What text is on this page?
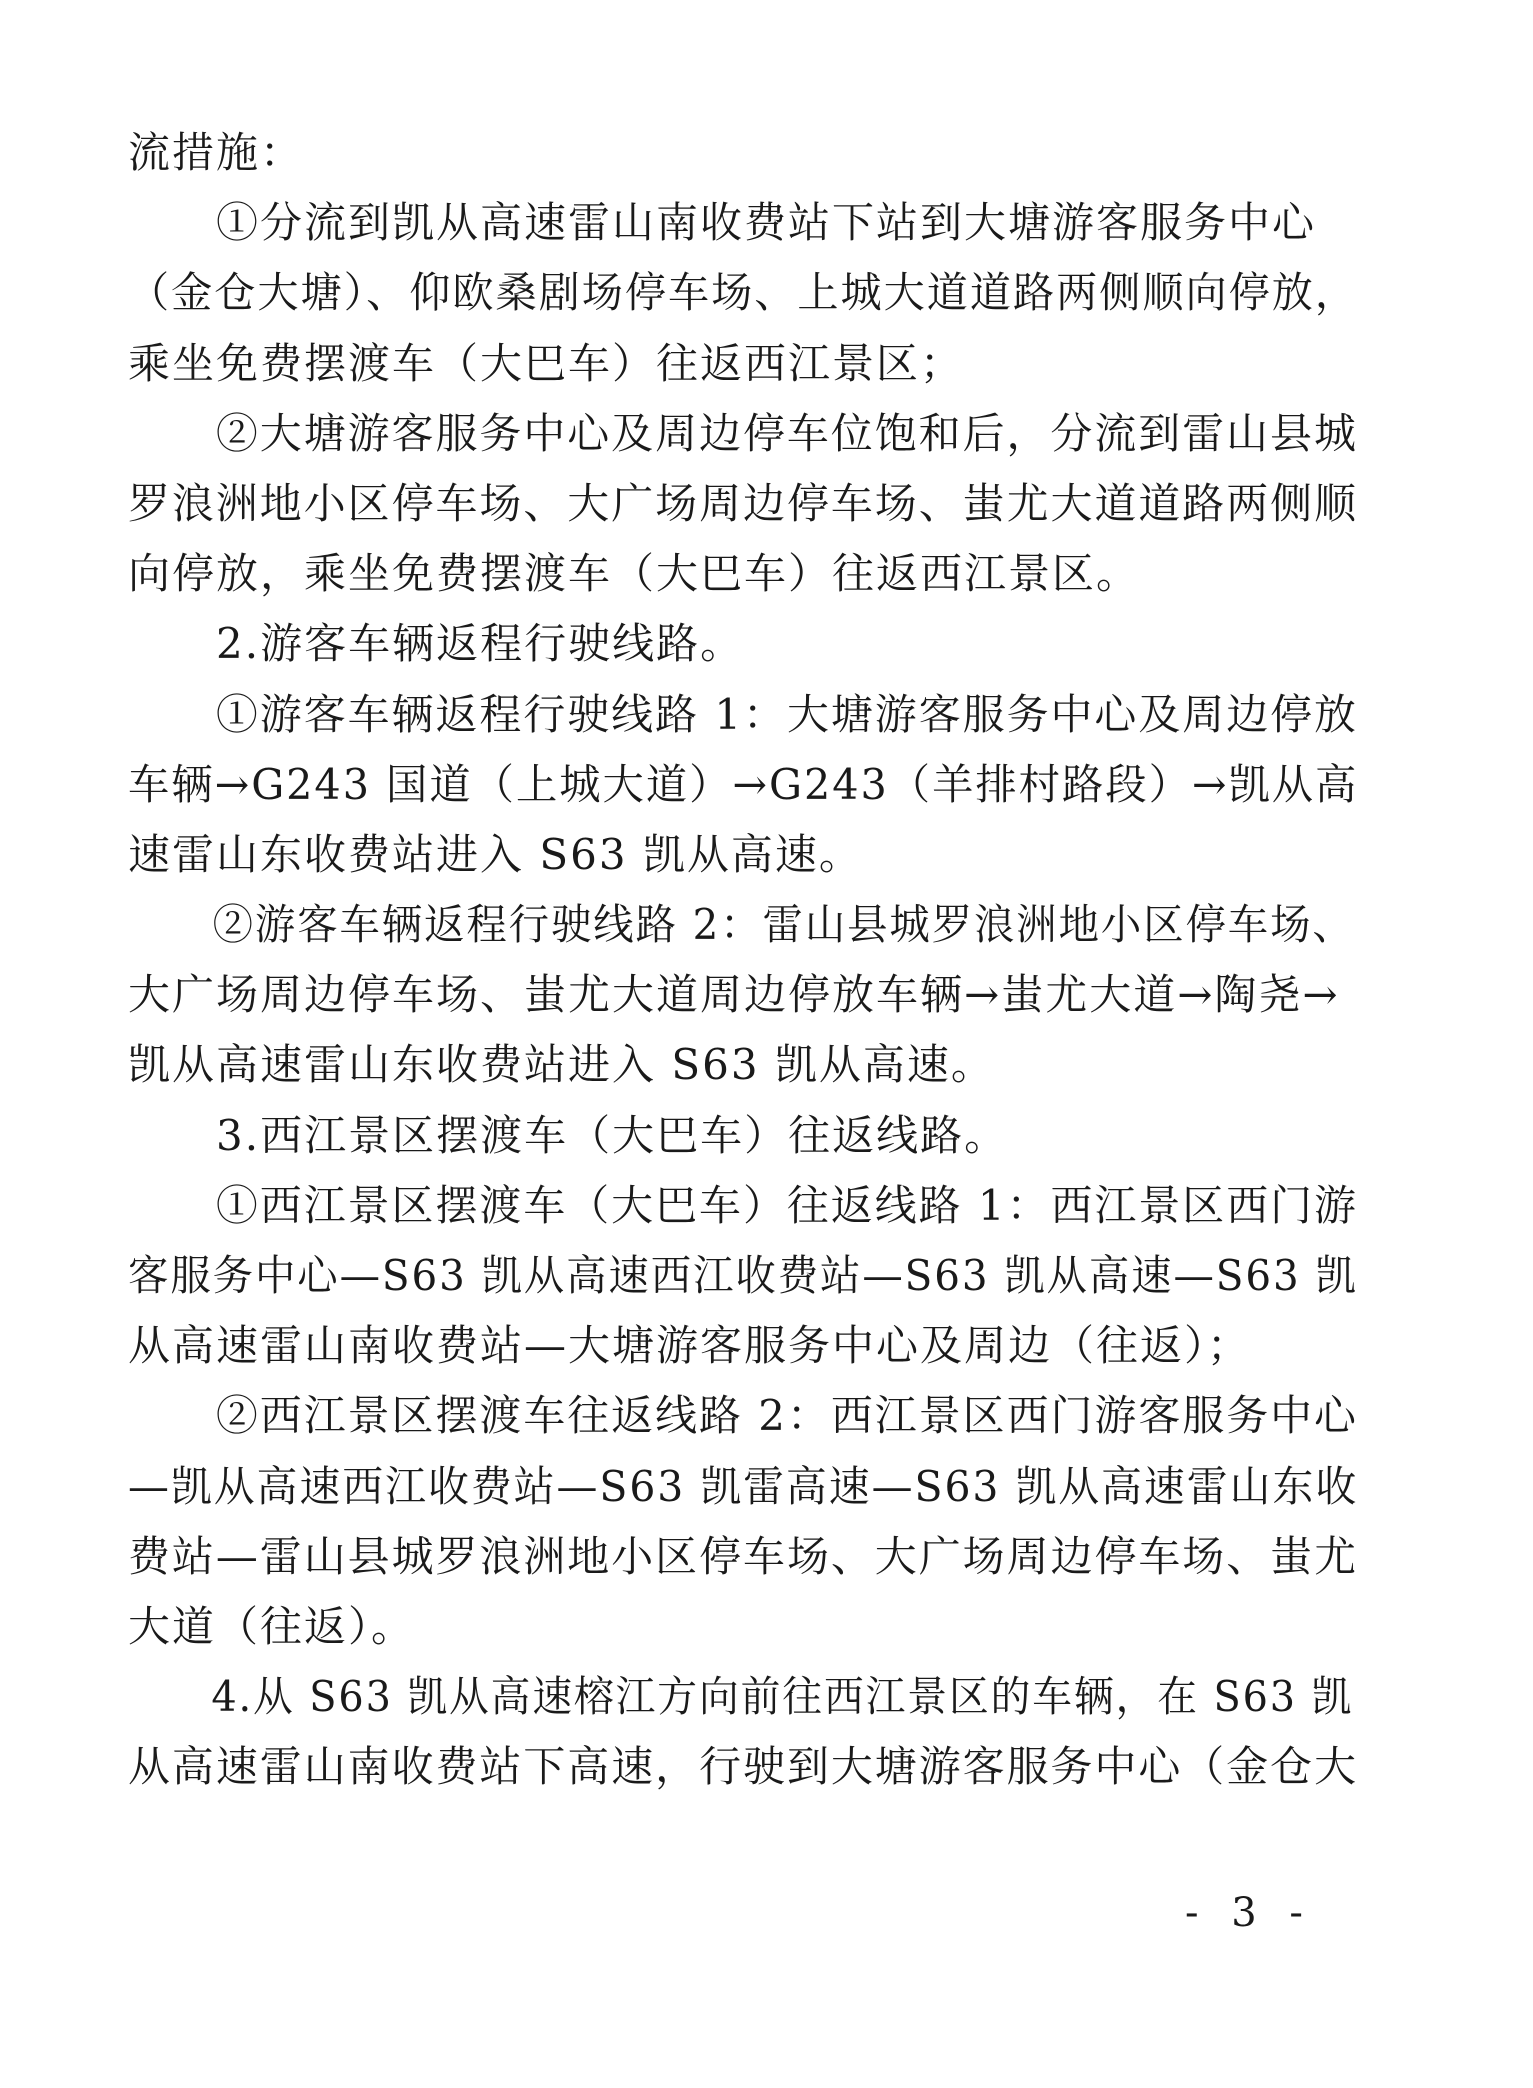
流措施：
①分流到凯从高速雷山南收费站下站到大塘游客服务中心
（金仓大塘）、仰欧桑剧场停车场、上城大道道路两侧顺向停放，
乘坐免费摆渡车（大巴车）往返西江景区；
②大塘游客服务中心及周边停车位饱和后，分流到雷山县城
罗浪洲地小区停车场、大广场周边停车场、蚩尤大道道路两侧顺
向停放，乘坐免费摆渡车（大巴车）往返西江景区。
2.游客车辆返程行驶线路。
①游客车辆返程行驶线路 1：大塘游客服务中心及周边停放
车辆→G243 国道（上城大道）→G243（羊排村路段）→凯从高
速雷山东收费站进入 S63 凯从高速。
②游客车辆返程行驶线路 2：雷山县城罗浪洲地小区停车场、
大广场周边停车场、蚩尤大道周边停放车辆→蚩尤大道→陶尧→
凯从高速雷山东收费站进入 S63 凯从高速。
3.西江景区摆渡车（大巴车）往返线路。
①西江景区摆渡车（大巴车）往返线路 1：西江景区西门游
客服务中心—S63 凯从高速西江收费站—S63 凯从高速—S63 凯
从高速雷山南收费站—大塘游客服务中心及周边（往返）；
②西江景区摆渡车往返线路 2：西江景区西门游客服务中心
—凯从高速西江收费站—S63 凯雷高速—S63 凯从高速雷山东收
费站—雷山县城罗浪洲地小区停车场、大广场周边停车场、蚩尤
大道（往返）。
4.从 S63 凯从高速榕江方向前往西江景区的车辆，在 S63 凯
从高速雷山南收费站下高速，行驶到大塘游客服务中心（金仓大
- 3 -
